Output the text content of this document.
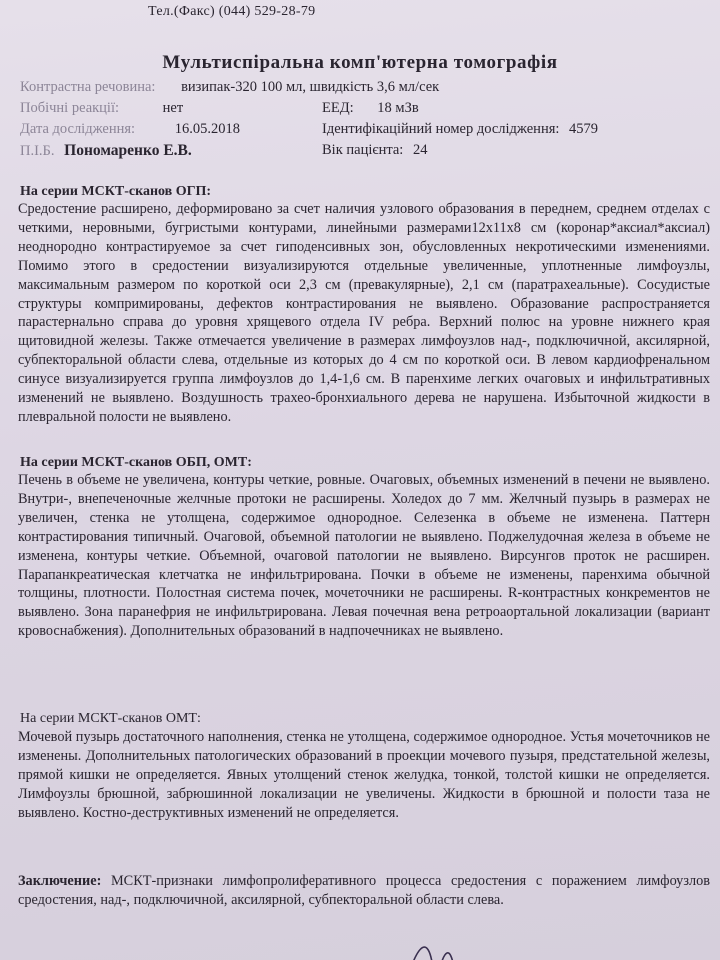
Тел.(Факс) (044) 529-28-79
Мультиспіральна комп'ютерна томографія
Контрастна речовина: визипак-320 100 мл, швидкість 3,6 мл/сек
Побічні реакції:	нет	ЕЕД: 18 мЗв
Дата дослідження:	16.05.2018	Ідентифікаційний номер дослідження: 4579
П.І.Б. Пономаренко Е.В.	Вік пацієнта: 24
На серии МСКТ-сканов ОГП:

Средостение расширено, деформировано за счет наличия узлового образования в переднем, среднем отделах с четкими, неровными, бугристыми контурами, линейными размерами12х11х8 см (коронар*аксиал*аксиал) неоднородно контрастируемое за счет гиподенсивных зон, обусловленных некротическими изменениями. Помимо этого в средостении визуализируются отдельные увеличенные, уплотненные лимфоузлы, максимальным размером по короткой оси 2,3 см (превакулярные), 2,1 см (паратрахеальные). Сосудистые структуры компримированы, дефектов контрастирования не выявлено. Образование распространяется парастернально справа до уровня хрящевого отдела IV ребра. Верхний полюс на уровне нижнего края щитовидной железы. Также отмечается увеличение в размерах лимфоузлов над-, подключичной, аксилярной, субпекторальной области слева, отдельные из которых до 4 см по короткой оси. В левом кардиофренальном синусе визуализируется группа лимфоузлов до 1,4-1,6 см. В паренхиме легких очаговых и инфильтративных изменений не выявлено. Воздушность трахео-бронхиального дерева не нарушена. Избыточной жидкости в плевральной полости не выявлено.

На серии МСКТ-сканов ОБП, ОМТ:

Печень в объеме не увеличена, контуры четкие, ровные. Очаговых, объемных изменений в печени не выявлено. Внутри-, внепеченочные желчные протоки не расширены. Холедох до 7 мм. Желчный пузырь в размерах не увеличен, стенка не утолщена, содержимое однородное. Селезенка в объеме не изменена. Паттерн контрастирования типичный. Очаговой, объемной патологии не выявлено. Поджелудочная железа в объеме не изменена, контуры четкие. Объемной, очаговой патологии не выявлено. Вирсунгов проток не расширен. Парапанкреатическая клетчатка не инфильтрирована. Почки в объеме не изменены, паренхима обычной толщины, плотности. Полостная система почек, мочеточники не расширены. R-контрастных конкрементов не выявлено. Зона паранефрия не инфильтрирована. Левая почечная вена ретроаортальной локализации (вариант кровоснабжения). Дополнительных образований в надпочечниках не выявлено.

На серии МСКТ-сканов ОМТ:

Мочевой пузырь достаточного наполнения, стенка не утолщена, содержимое однородное. Устья мочеточников не изменены. Дополнительных патологических образований в проекции мочевого пузыря, предстательной железы, прямой кишки не определяется. Явных утолщений стенок желудка, тонкой, толстой кишки не определяется. Лимфоузлы брюшной, забрюшинной локализации не увеличены. Жидкости в брюшной и полости таза не выявлено. Костно-деструктивных изменений не определяется.

Заключение: МСКТ-признаки лимфопролиферативного процесса средостения с поражением лимфоузлов средостения, над-, подключичной, аксилярной, субпекторальной области слева.
